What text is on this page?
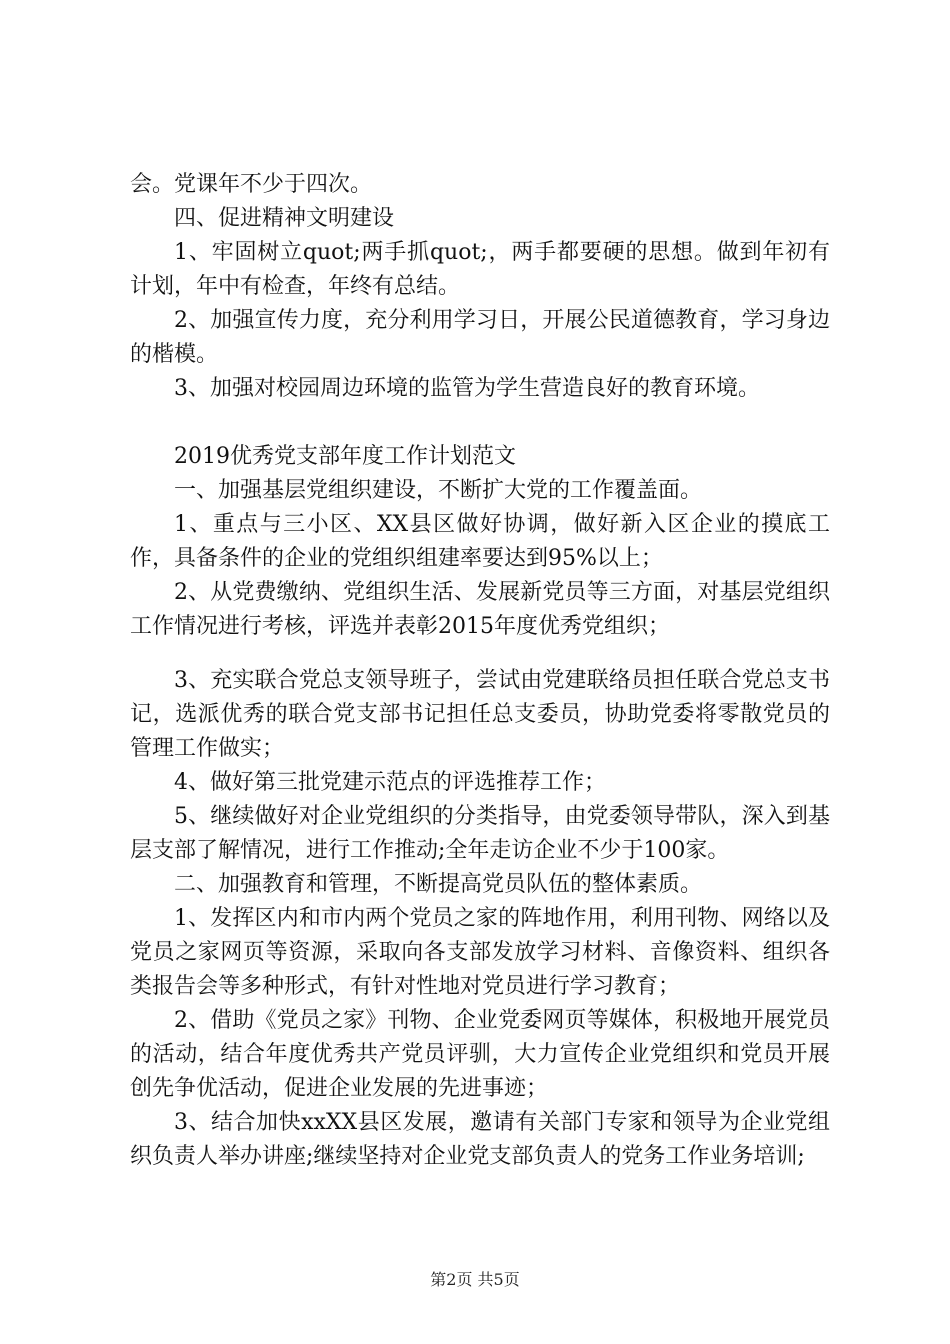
会。党课年不少于四次。

四、促进精神文明建设

1、牢固树立quot;两手抓quot;，两手都要硬的思想。做到年初有计划，年中有检查，年终有总结。

2、加强宣传力度，充分利用学习日，开展公民道德教育，学习身边的楷模。

3、加强对校园周边环境的监管为学生营造良好的教育环境。

2019优秀党支部年度工作计划范文

一、加强基层党组织建设，不断扩大党的工作覆盖面。

1、重点与三小区、XX县区做好协调，做好新入区企业的摸底工作，具备条件的企业的党组织组建率要达到95%以上；

2、从党费缴纳、党组织生活、发展新党员等三方面，对基层党组织工作情况进行考核，评选并表彰2015年度优秀党组织；

3、充实联合党总支领导班子，尝试由党建联络员担任联合党总支书记，选派优秀的联合党支部书记担任总支委员，协助党委将零散党员的管理工作做实；

4、做好第三批党建示范点的评选推荐工作；

5、继续做好对企业党组织的分类指导，由党委领导带队，深入到基层支部了解情况，进行工作推动;全年走访企业不少于100家。

二、加强教育和管理，不断提高党员队伍的整体素质。

1、发挥区内和市内两个党员之家的阵地作用，利用刊物、网络以及党员之家网页等资源，采取向各支部发放学习材料、音像资料、组织各类报告会等多种形式，有针对性地对党员进行学习教育；

2、借助《党员之家》刊物、企业党委网页等媒体，积极地开展党员的活动，结合年度优秀共产党员评驯，大力宣传企业党组织和党员开展创先争优活动，促进企业发展的先进事迹；

3、结合加快xxXX县区发展，邀请有关部门专家和领导为企业党组织负责人举办讲座;继续坚持对企业党支部负责人的党务工作业务培训;

第2页 共5页
